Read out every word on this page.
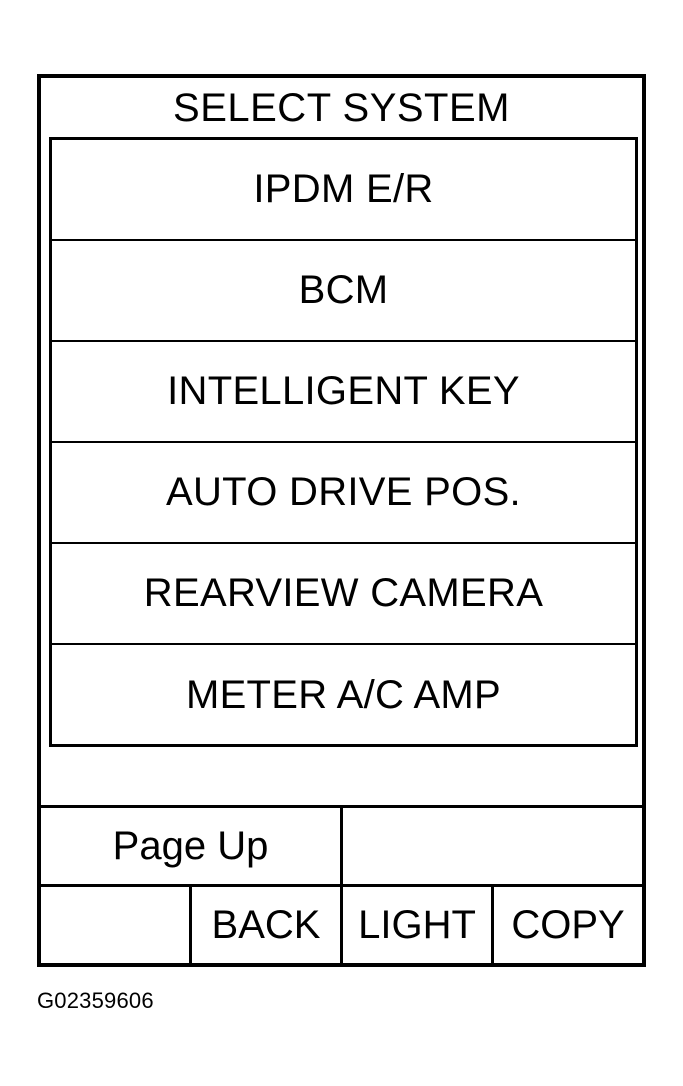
SELECT SYSTEM
IPDM E/R
BCM
INTELLIGENT KEY
AUTO DRIVE POS.
REARVIEW CAMERA
METER A/C AMP
Page Up
BACK LIGHT COPY
G02359606
